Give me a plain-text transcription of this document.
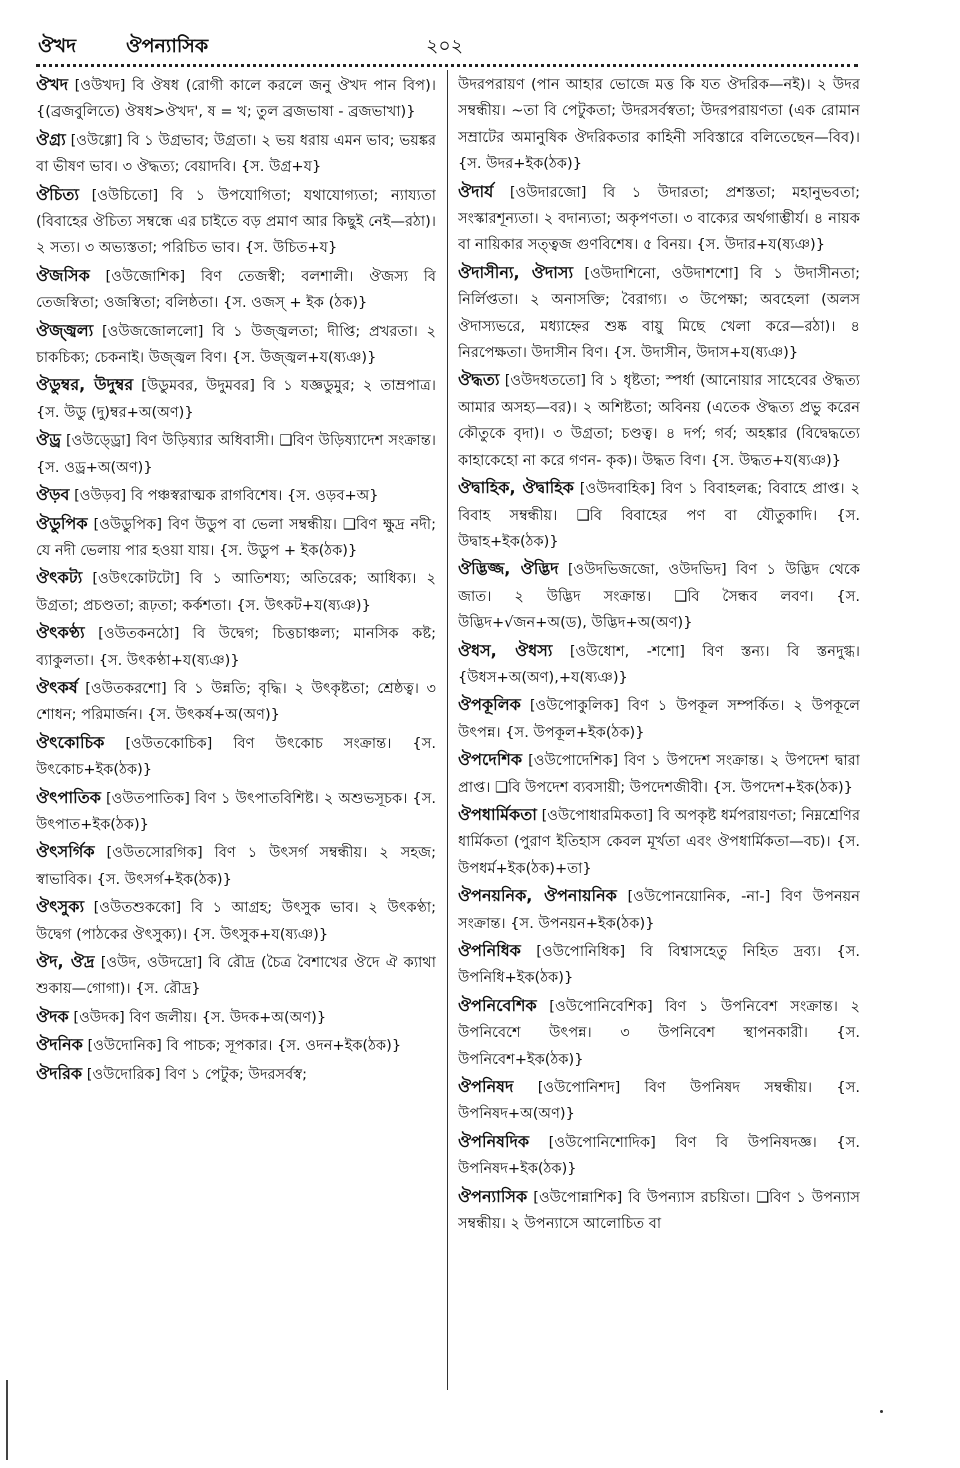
ঔখদ	ঔপন্যাসিক	২০২

ঔখদ [ওউখদ] বি ঔষধ (রোগী কালে করলে জনু ঔখদ পান বিপ)। {(ব্রজবুলিতে) ঔষধ>ঔখদ', ষ = খ; তুল ব্রজভাষা - ব্রজভাখা)}

ঔগ্র্য [ওউগ্গো] বি ১ উগ্রভাব; উগ্রতা। ২ ভয় ধরায় এমন ভাব; ভয়ঙ্কর বা ভীষণ ভাব। ৩ ঔদ্ধত্য; বেয়াদবি। {স. উগ্র+য}

ঔচিত্য [ওউচিতো] বি ১ উপযোগিতা; যথাযোগ্যতা; ন্যায্যতা (বিবাহের ঔচিত্য সম্বন্ধে এর চাইতে বড় প্রমাণ আর কিছুই নেই—রঠা)। ২ সত্য। ৩ অভ্যস্ততা; পরিচিত ভাব। {স. উচিত+য}

ঔজসিক [ওউজোশিক] বিণ তেজস্বী; বলশালী। ঔজস্য বি তেজস্বিতা; ওজস্বিতা; বলিষ্ঠতা। {স. ওজস্ + ইক (ঠক)}

ঔজ্জ্বল্য [ওউজজোললো] বি ১ উজ্জ্বলতা; দীপ্তি; প্রখরতা। ২ চাকচিক্য; চেকনাই। উজ্জ্বল বিণ। {স. উজ্জ্বল+য(ষ্যঞ)}

ঔডুম্বর, উদুম্বর [উডুমবর, উদুমবর] বি ১ যজ্ঞডুমুর; ২ তাম্রপাত্র। {স. উডু (দু)ম্বর+অ(অণ)}

ঔড্র [ওউড্ড্রো] বিণ উড়িষ্যার অধিবাসী। ❑বিণ উড়িষ্যাদেশ সংক্রান্ত। {স. ওড্র+অ(অণ)}

ঔড়ব [ওউড়ব] বি পঞ্চস্বরাত্মক রাগবিশেষ। {স. ওড়ব+অ}

ঔডুপিক [ওউডুপিক] বিণ উডুপ বা ভেলা সম্বন্ধীয়। ❑বিণ ক্ষুদ্র নদী; যে নদী ভেলায় পার হওয়া যায়। {স. উডুপ + ইক(ঠক)}

ঔৎকট্য [ওউৎকোটটো] বি ১ আতিশয্য; অতিরেক; আধিক্য। ২ উগ্রতা; প্রচণ্ডতা; রূঢ়তা; কর্কশতা। {স. উৎকট+য(ষ্যঞ)}

ঔৎকণ্ঠ্য [ওউতকনঠো] বি উদ্বেগ; চিত্তচাঞ্চল্য; মানসিক কষ্ট; ব্যাকুলতা। {স. উৎকণ্ঠা+য(ষ্যঞ)}

ঔৎকর্ষ [ওউতকরশো] বি ১ উন্নতি; বৃদ্ধি। ২ উৎকৃষ্টতা; শ্রেষ্ঠত্ব। ৩ শোধন; পরিমার্জন। {স. উৎকর্ষ+অ(অণ)}

ঔৎকোচিক [ওউতকোচিক] বিণ উৎকোচ সংক্রান্ত। {স. উৎকোচ+ইক(ঠক)}

ঔৎপাতিক [ওউতপাতিক] বিণ ১ উৎপাতবিশিষ্ট। ২ অশুভসূচক। {স. উৎপাত+ইক(ঠক)}

ঔৎসর্গিক [ওউতসোরগিক] বিণ ১ উৎসর্গ সম্বন্ধীয়। ২ সহজ; স্বাভাবিক। {স. উৎসর্গ+ইক(ঠক)}

ঔৎসুক্য [ওউতশুককো] বি ১ আগ্রহ; উৎসুক ভাব। ২ উৎকণ্ঠা; উদ্বেগ (পাঠকের ঔৎসুক্য)। {স. উৎসুক+য(ষ্যঞ)}

ঔদ, ঔদ্র [ওউদ, ওউদদ্রো] বি রৌদ্র (চৈত্র বৈশাখের ঔদে ঐ ক্যাথা শুকায়—গোগা)। {স. রৌদ্র}

ঔদক [ওউদক] বিণ জলীয়। {স. উদক+অ(অণ)}

ঔদনিক [ওউদোনিক] বি পাচক; সূপকার। {স. ওদন+ইক(ঠক)}

ঔদরিক [ওউদোরিক] বিণ ১ পেটুক; উদরসর্বস্ব;

উদরপরায়ণ (পান আহার ভোজে মত্ত কি যত ঔদরিক—নই)। ২ উদর সম্বন্ধীয়। ~তা বি পেটুকতা; উদরসর্বস্বতা; উদরপরায়ণতা (এক রোমান সম্রাটের অমানুষিক ঔদরিকতার কাহিনী সবিস্তারে বলিতেছেন—বিব)। {স. উদর+ইক(ঠক)}

ঔদার্য [ওউদারজো] বি ১ উদারতা; প্রশস্ততা; মহানুভবতা; সংস্কারশূন্যতা। ২ বদান্যতা; অকৃপণতা। ৩ বাক্যের অর্থগাম্ভীর্য। ৪ নায়ক বা নায়িকার সত্ত্বজ গুণবিশেষ। ৫ বিনয়। {স. উদার+য(ষ্যঞ)}

ঔদাসীন্য, ঔদাস্য [ওউদাশিনো, ওউদাশশো] বি ১ উদাসীনতা; নির্লিপ্ততা। ২ অনাসক্তি; বৈরাগ্য। ৩ উপেক্ষা; অবহেলা (অলস ঔদাস্যভরে, মধ্যাহ্নের শুষ্ক বায়ু মিছে খেলা করে—রঠা)। ৪ নিরপেক্ষতা। উদাসীন বিণ। {স. উদাসীন, উদাস+য(ষ্যঞ)}

ঔদ্ধত্য [ওউদধততো] বি ১ ধৃষ্টতা; স্পর্ধা (আনোয়ার সাহেবের ঔদ্ধত্য আমার অসহ্য—বর)। ২ অশিষ্টতা; অবিনয় (এতেক ঔদ্ধত্য প্রভু করেন কৌতুকে বৃদা)। ৩ উগ্রতা; চণ্ডত্ব। ৪ দর্প; গর্ব; অহঙ্কার (বিদ্বেদ্ধত্যে কাহাকেহো না করে গণন- কৃক)। উদ্ধত বিণ। {স. উদ্ধত+য(ষ্যঞ)}

ঔদ্বাহিক, ঔদ্বাহিক [ওউদবাহিক] বিণ ১ বিবাহলব্ধ; বিবাহে প্রাপ্ত। ২ বিবাহ সম্বন্ধীয়। ❑বি বিবাহের পণ বা যৌতুকাদি। {স. উদ্বাহ+ইক(ঠক)}

ঔদ্ভিজ্জ, ঔদ্ভিদ [ওউদভিজজো, ওউদভিদ] বিণ ১ উদ্ভিদ থেকে জাত। ২ উদ্ভিদ সংক্রান্ত। ❑বি সৈন্ধব লবণ। {স. উদ্ভিদ+√জন+অ(ড), উদ্ভিদ+অ(অণ)}

ঔধস, ঔধস্য [ওউধোশ, -শশো] বিণ স্তন্য। বি স্তনদুগ্ধ। {উধস+অ(অণ),+য(ষ্যঞ)}

ঔপকূলিক [ওউপোকুলিক] বিণ ১ উপকূল সম্পর্কিত। ২ উপকূলে উৎপন্ন। {স. উপকূল+ইক(ঠক)}

ঔপদেশিক [ওউপোদেশিক] বিণ ১ উপদেশ সংক্রান্ত। ২ উপদেশ দ্বারা প্রাপ্ত। ❑বি উপদেশ ব্যবসায়ী; উপদেশজীবী। {স. উপদেশ+ইক(ঠক)}

ঔপধার্মিকতা [ওউপোধারমিকতা] বি অপকৃষ্ট ধর্মপরায়ণতা; নিম্নশ্রেণির ধার্মিকতা (পুরাণ ইতিহাস কেবল মূর্খতা এবং ঔপধার্মিকতা—বচ)। {স. উপধর্ম+ইক(ঠক)+তা}

ঔপনয়নিক, ঔপনায়নিক [ওউপোনয়োনিক, -না-] বিণ উপনয়ন সংক্রান্ত। {স. উপনয়ন+ইক(ঠক)}

ঔপনিধিক [ওউপোনিধিক] বি বিশ্বাসহেতু নিহিত দ্রব্য। {স. উপনিধি+ইক(ঠক)}

ঔপনিবেশিক [ওউপোনিবেশিক] বিণ ১ উপনিবেশ সংক্রান্ত। ২ উপনিবেশে উৎপন্ন। ৩ উপনিবেশ স্থাপনকারী। {স. উপনিবেশ+ইক(ঠক)}

ঔপনিষদ [ওউপোনিশদ] বিণ উপনিষদ সম্বন্ধীয়। {স. উপনিষদ+অ(অণ)}

ঔপনিষদিক [ওউপোনিশোদিক] বিণ বি উপনিষদজ্ঞ। {স. উপনিষদ+ইক(ঠক)}

ঔপন্যাসিক [ওউপোন্নাশিক] বি উপন্যাস রচয়িতা। ❑বিণ ১ উপন্যাস সম্বন্ধীয়। ২ উপন্যাসে আলোচিত বা
